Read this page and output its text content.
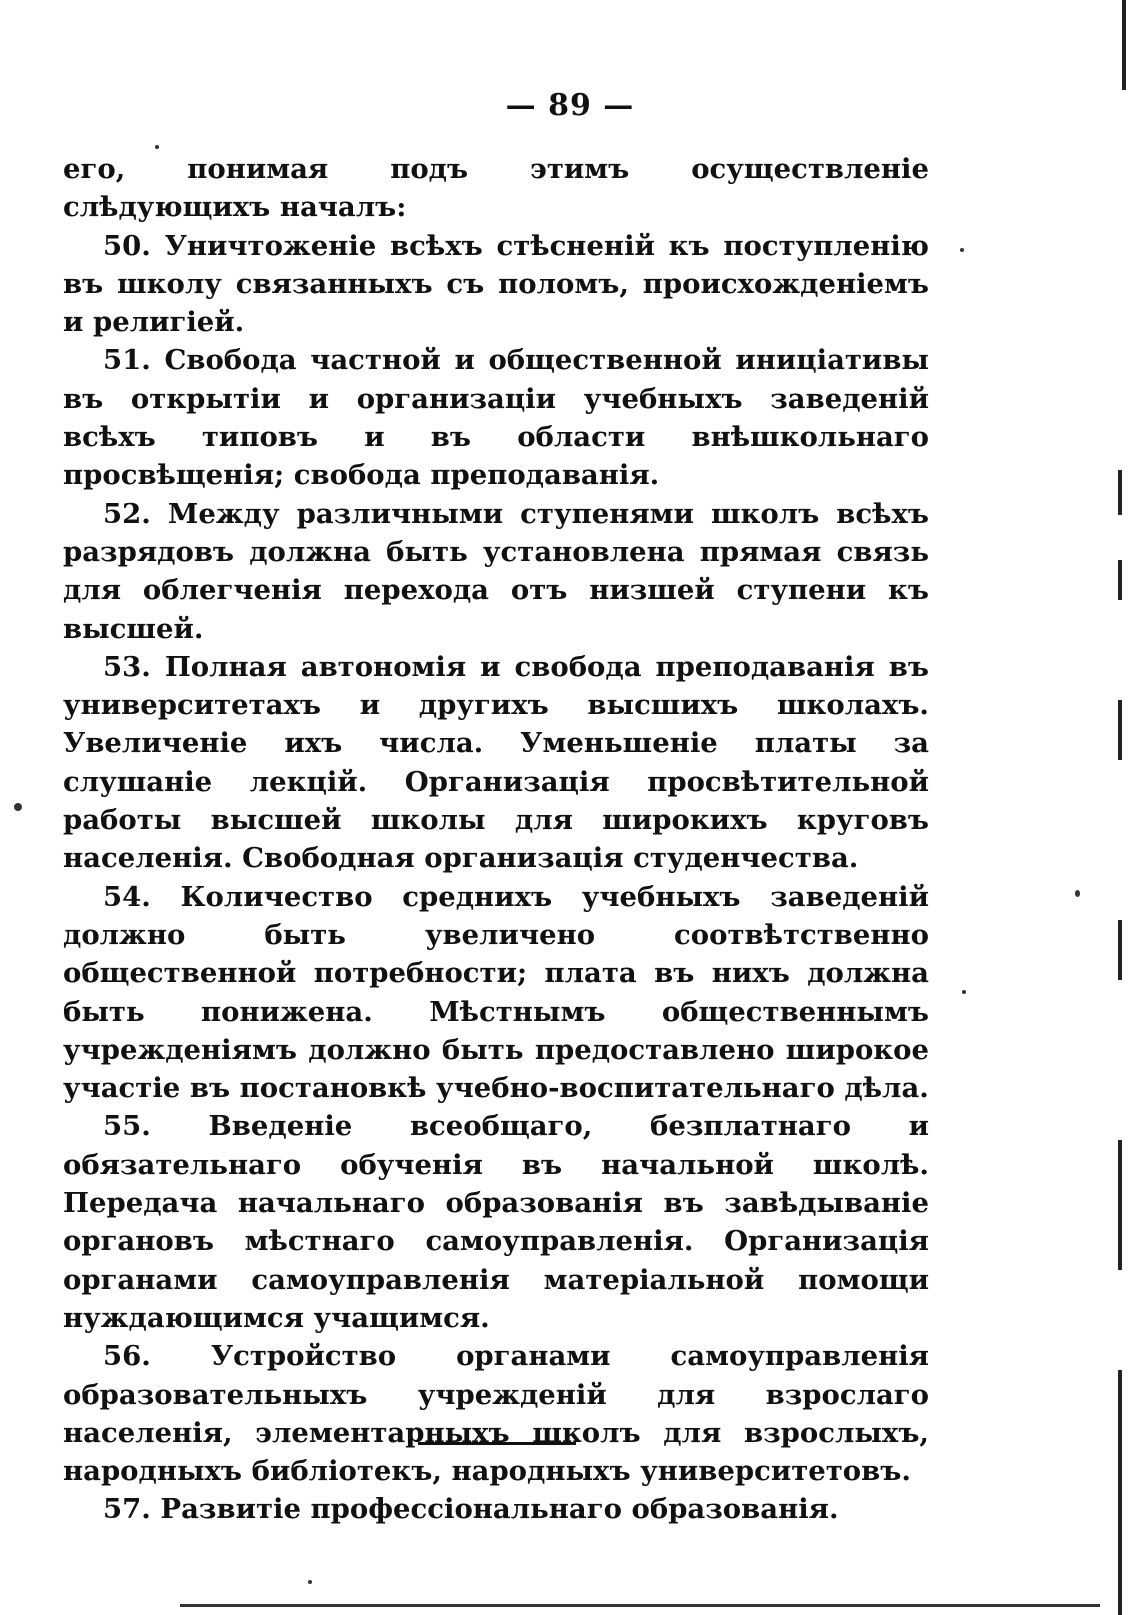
— 89 —

его, понимая подъ этимъ осуществленіе слѣдующихъ началъ:

50. Уничтоженіе всѣхъ стѣсненій къ поступленію въ школу связанныхъ съ поломъ, происхожденіемъ и религіей.

51. Свобода частной и общественной иниціативы въ открытіи и организаціи учебныхъ заведеній всѣхъ типовъ и въ области внѣшкольнаго просвѣщенія; свобода преподаванія.

52. Между различными ступенями школъ всѣхъ разрядовъ должна быть установлена прямая связь для облегченія перехода отъ низшей ступени къ высшей.

53. Полная автономія и свобода преподаванія въ университетахъ и другихъ высшихъ школахъ. Увеличеніе ихъ числа. Уменьшеніе платы за слушаніе лекцій. Организація просвѣтительной работы высшей школы для широкихъ круговъ населенія. Свободная организація студенчества.

54. Количество среднихъ учебныхъ заведеній должно быть увеличено соотвѣтственно общественной потребности; плата въ нихъ должна быть понижена. Мѣстнымъ общественнымъ учрежденіямъ должно быть предоставлено широкое участіе въ постановкѣ учебно-воспитательнаго дѣла.

55. Введеніе всеобщаго, безплатнаго и обязательнаго обученія въ начальной школѣ. Передача начальнаго образованія въ завѣдываніе органовъ мѣстнаго самоуправленія. Организація органами самоуправленія матеріальной помощи нуждающимся учащимся.

56. Устройство органами самоуправленія образовательныхъ учрежденій для взрослаго населенія, элементарныхъ школъ для взрослыхъ, народныхъ библіотекъ, народныхъ университетовъ.

57. Развитіе профессіональнаго образованія.
